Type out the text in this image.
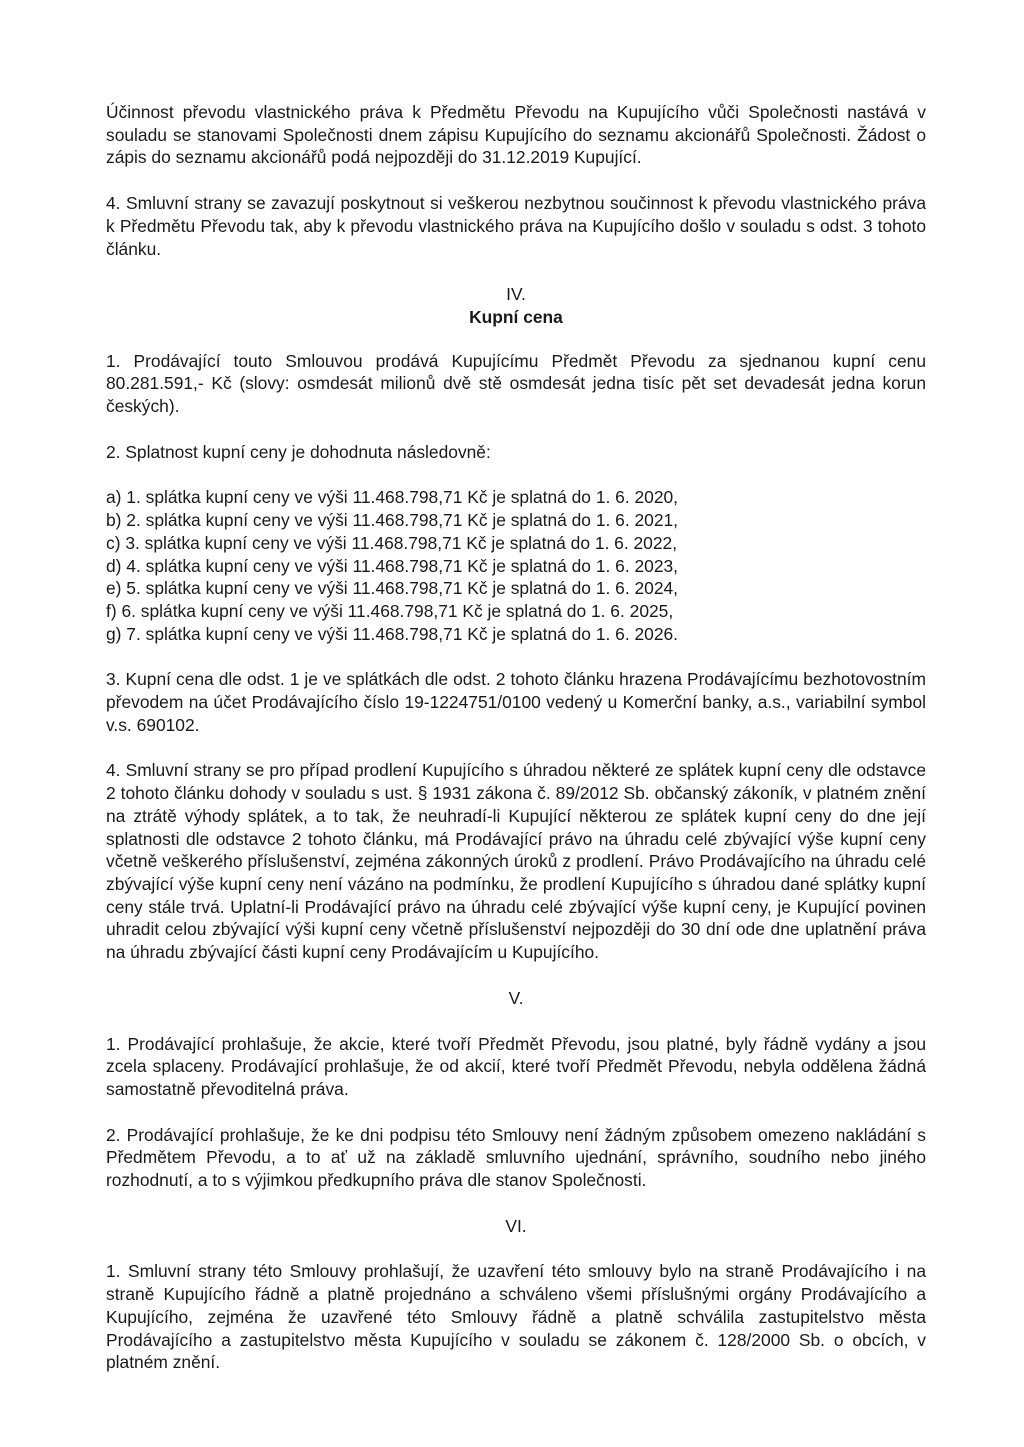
Účinnost převodu vlastnického práva k Předmětu Převodu na Kupujícího vůči Společnosti nastává v souladu se stanovami Společnosti dnem zápisu Kupujícího do seznamu akcionářů Společnosti. Žádost o zápis do seznamu akcionářů podá nejpozději do 31.12.2019 Kupující.

4. Smluvní strany se zavazují poskytnout si veškerou nezbytnou součinnost k převodu vlastnického práva k Předmětu Převodu tak, aby k převodu vlastnického práva na Kupujícího došlo v souladu s odst. 3 tohoto článku.

IV.

Kupní cena

1. Prodávající touto Smlouvou prodává Kupujícímu Předmět Převodu za sjednanou kupní cenu 80.281.591,- Kč (slovy: osmdesát milionů dvě stě osmdesát jedna tisíc pět set devadesát jedna korun českých).

2. Splatnost kupní ceny je dohodnuta následovně:

a) 1. splátka kupní ceny ve výši 11.468.798,71 Kč je splatná do 1. 6. 2020,

b) 2. splátka kupní ceny ve výši 11.468.798,71 Kč je splatná do 1. 6. 2021,

c) 3. splátka kupní ceny ve výši 11.468.798,71 Kč je splatná do 1. 6. 2022,

d) 4. splátka kupní ceny ve výši 11.468.798,71 Kč je splatná do 1. 6. 2023,

e) 5. splátka kupní ceny ve výši 11.468.798,71 Kč je splatná do 1. 6. 2024,

f) 6. splátka kupní ceny ve výši 11.468.798,71 Kč je splatná do 1. 6. 2025,

g) 7. splátka kupní ceny ve výši 11.468.798,71 Kč je splatná do 1. 6. 2026.

3. Kupní cena dle odst. 1 je ve splátkách dle odst. 2 tohoto článku hrazena Prodávajícímu bezhotovostním převodem na účet Prodávajícího číslo 19-1224751/0100 vedený u Komerční banky, a.s., variabilní symbol v.s. 690102.

4. Smluvní strany se pro případ prodlení Kupujícího s úhradou některé ze splátek kupní ceny dle odstavce 2 tohoto článku dohody v souladu s ust. § 1931 zákona č. 89/2012 Sb. občanský zákoník, v platném znění na ztrátě výhody splátek, a to tak, že neuhradí-li Kupující některou ze splátek kupní ceny do dne její splatnosti dle odstavce 2 tohoto článku, má Prodávající právo na úhradu celé zbývající výše kupní ceny včetně veškerého příslušenství, zejména zákonných úroků z prodlení. Právo Prodávajícího na úhradu celé zbývající výše kupní ceny není vázáno na podmínku, že prodlení Kupujícího s úhradou dané splátky kupní ceny stále trvá. Uplatní-li Prodávající právo na úhradu celé zbývající výše kupní ceny, je Kupující povinen uhradit celou zbývající výši kupní ceny včetně příslušenství nejpozději do 30 dní ode dne uplatnění práva na úhradu zbývající části kupní ceny Prodávajícím u Kupujícího.

V.

1. Prodávající prohlašuje, že akcie, které tvoří Předmět Převodu, jsou platné, byly řádně vydány a jsou zcela splaceny. Prodávající prohlašuje, že od akcií, které tvoří Předmět Převodu, nebyla oddělena žádná samostatně převoditelná práva.

2. Prodávající prohlašuje, že ke dni podpisu této Smlouvy není žádným způsobem omezeno nakládání s Předmětem Převodu, a to ať už na základě smluvního ujednání, správního, soudního nebo jiného rozhodnutí, a to s výjimkou předkupního práva dle stanov Společnosti.

VI.

1. Smluvní strany této Smlouvy prohlašují, že uzavření této smlouvy bylo na straně Prodávajícího i na straně Kupujícího řádně a platně projednáno a schváleno všemi příslušnými orgány Prodávajícího a Kupujícího, zejména že uzavřené této Smlouvy řádně a platně schválila zastupitelstvo města Prodávajícího a zastupitelstvo města Kupujícího v souladu se zákonem č. 128/2000 Sb. o obcích, v platném znění.
